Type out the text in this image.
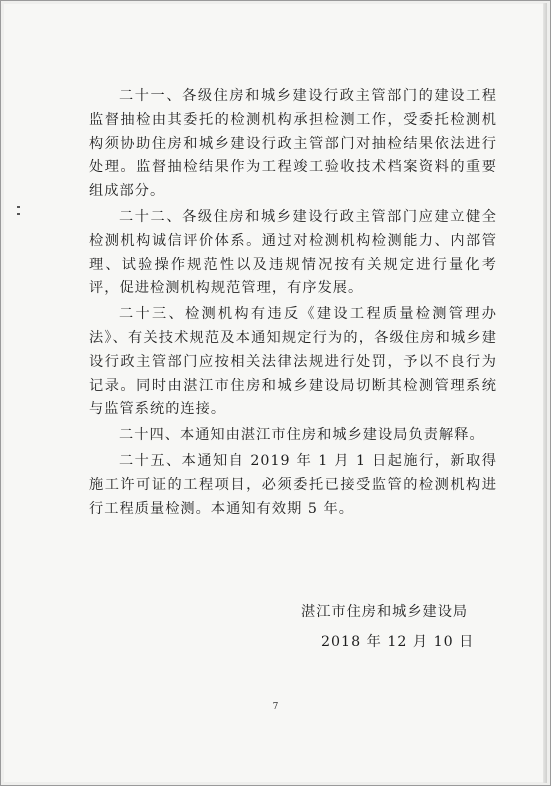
二十一、各级住房和城乡建设行政主管部门的建设工程监督抽检由其委托的检测机构承担检测工作，受委托检测机构须协助住房和城乡建设行政主管部门对抽检结果依法进行处理。监督抽检结果作为工程竣工验收技术档案资料的重要组成部分。

二十二、各级住房和城乡建设行政主管部门应建立健全检测机构诚信评价体系。通过对检测机构检测能力、内部管理、试验操作规范性以及违规情况按有关规定进行量化考评，促进检测机构规范管理，有序发展。

二十三、检测机构有违反《建设工程质量检测管理办法》、有关技术规范及本通知规定行为的，各级住房和城乡建设行政主管部门应按相关法律法规进行处罚，予以不良行为记录。同时由湛江市住房和城乡建设局切断其检测管理系统与监管系统的连接。

二十四、本通知由湛江市住房和城乡建设局负责解释。

二十五、本通知自 2019 年 1 月 1 日起施行，新取得施工许可证的工程项目，必须委托已接受监管的检测机构进行工程质量检测。本通知有效期 5 年。

湛江市住房和城乡建设局
2018 年 12 月 10 日
7
